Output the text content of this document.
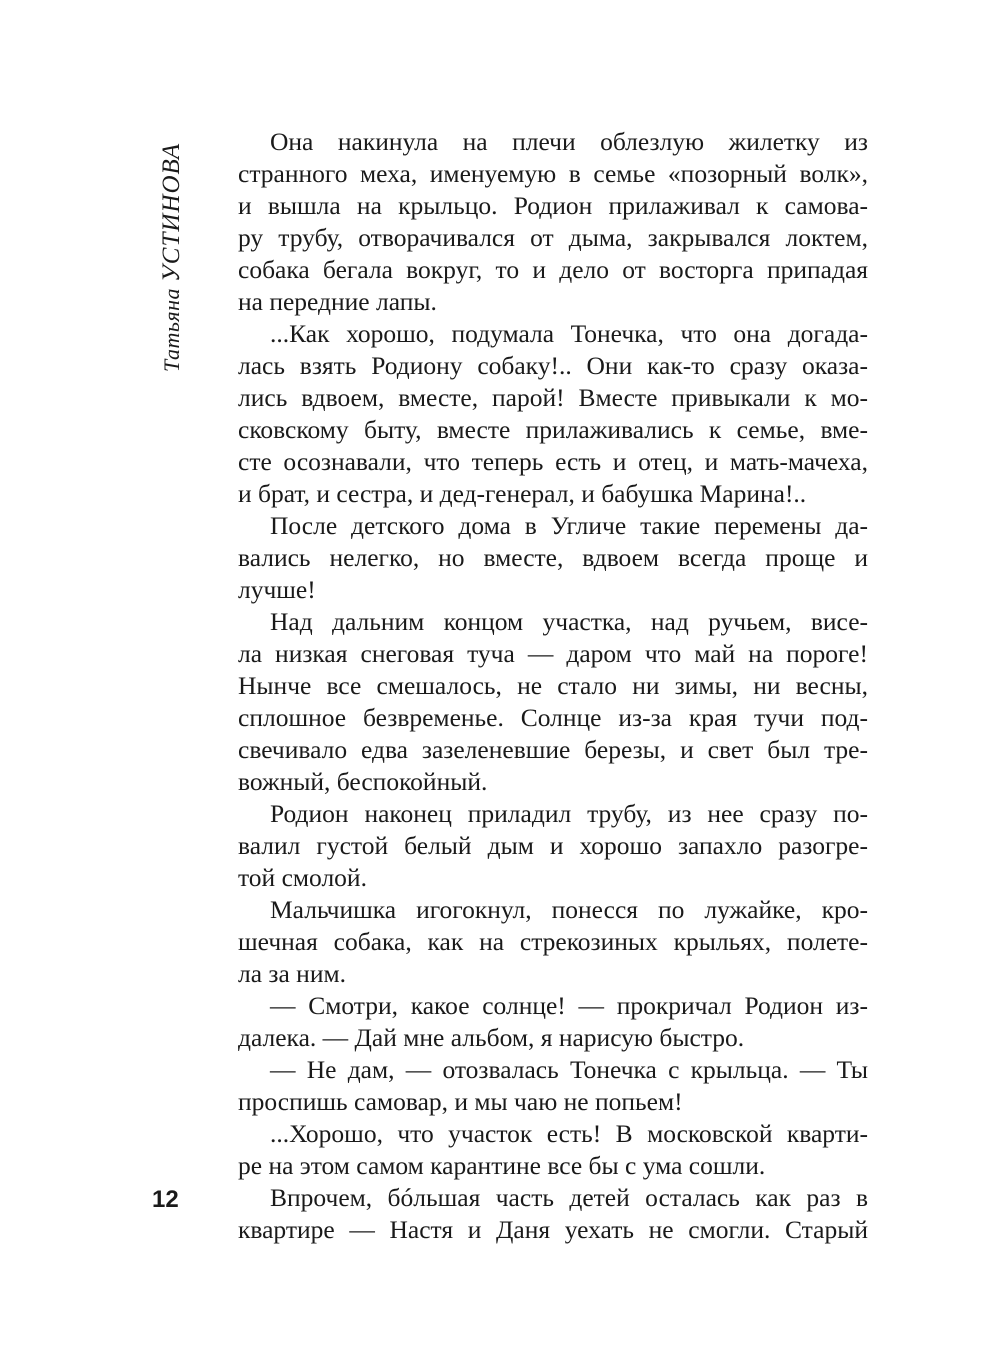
ТатьянаУСТИНОВА
12
Она накинула на плечи облезлую жилетку из
странного меха, именуемую в семье «позорный волк»,
и вышла на крыльцо. Родион прилаживал к самова-
ру трубу, отворачивался от дыма, закрывался локтем,
собака бегала вокруг, то и дело от восторга припадая
на передние лапы.
...Как хорошо, подумала Тонечка, что она догада-
лась взять Родиону собаку!.. Они как-то сразу оказа-
лись вдвоем, вместе, парой! Вместе привыкали к мо-
сковскому быту, вместе прилаживались к семье, вме-
сте осознавали, что теперь есть и отец, и мать-мачеха,
и брат, и сестра, и дед-генерал, и бабушка Марина!..
После детского дома в Угличе такие перемены да-
вались нелегко, но вместе, вдвоем всегда проще и
лучше!
Над дальним концом участка, над ручьем, висе-
ла низкая снеговая туча — даром что май на пороге!
Нынче все смешалось, не стало ни зимы, ни весны,
сплошное безвременье. Солнце из-за края тучи под-
свечивало едва зазеленевшие березы, и свет был тре-
вожный, беспокойный.
Родион наконец приладил трубу, из нее сразу по-
валил густой белый дым и хорошо запахло разогре-
той смолой.
Мальчишка игогокнул, понесся по лужайке, кро-
шечная собака, как на стрекозиных крыльях, полете-
ла за ним.
— Смотри, какое солнце! — прокричал Родион из-
далека. — Дай мне альбом, я нарисую быстро.
— Не дам, — отозвалась Тонечка с крыльца. — Ты
проспишь самовар, и мы чаю не попьем!
...Хорошо, что участок есть! В московской кварти-
ре на этом самом карантине все бы с ума сошли.
Впрочем, бóльшая часть детей осталась как раз в
квартире — Настя и Даня уехать не смогли. Старый
